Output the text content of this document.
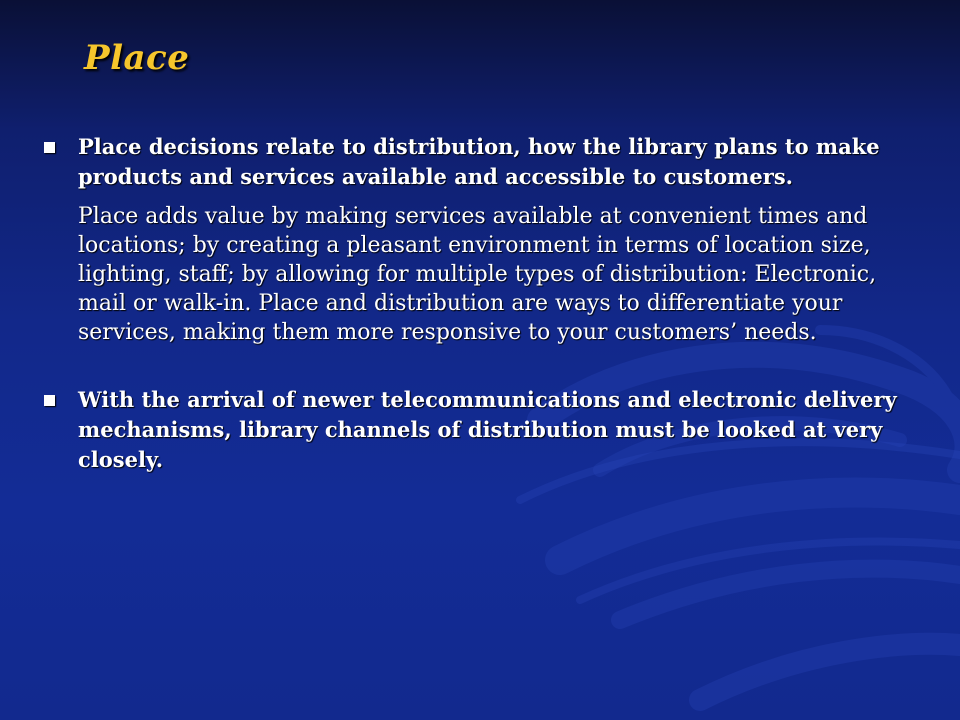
Place
Place decisions relate to distribution, how the library plans to make products and services available and accessible to customers.
Place adds value by making services available at convenient times and locations; by creating a pleasant environment in terms of location size, lighting, staff; by allowing for multiple types of distribution: Electronic, mail or walk-in. Place and distribution are ways to differentiate your services, making them more responsive to your customers’ needs.
With the arrival of newer telecommunications and electronic delivery mechanisms, library channels of distribution must be looked at very closely.
